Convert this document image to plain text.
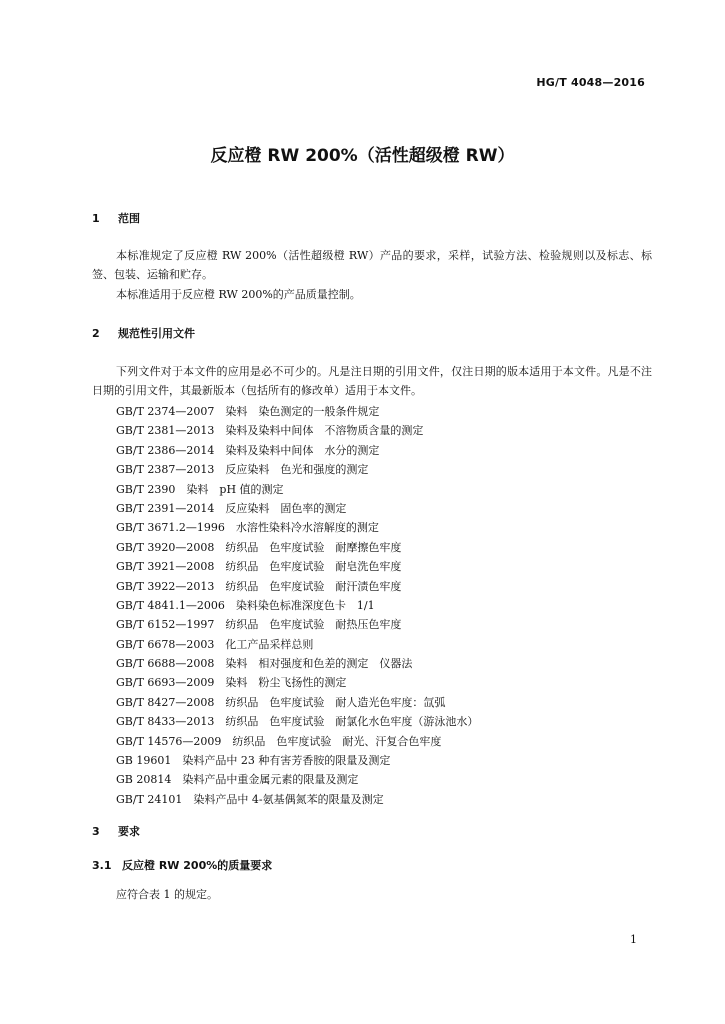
HG/T 4048—2016
反应橙 RW 200%（活性超级橙 RW）
1 范围
本标准规定了反应橙 RW 200%（活性超级橙 RW）产品的要求，采样，试验方法、检验规则以及标志、标签、包装、运输和贮存。
本标准适用于反应橙 RW 200%的产品质量控制。
2 规范性引用文件
下列文件对于本文件的应用是必不可少的。凡是注日期的引用文件，仅注日期的版本适用于本文件。凡是不注日期的引用文件，其最新版本（包括所有的修改单）适用于本文件。
GB/T 2374—2007　染料　染色测定的一般条件规定
GB/T 2381—2013　染料及染料中间体　不溶物质含量的测定
GB/T 2386—2014　染料及染料中间体　水分的测定
GB/T 2387—2013　反应染料　色光和强度的测定
GB/T 2390　染料　pH 值的测定
GB/T 2391—2014　反应染料　固色率的测定
GB/T 3671.2—1996　水溶性染料冷水溶解度的测定
GB/T 3920—2008　纺织品　色牢度试验　耐摩擦色牢度
GB/T 3921—2008　纺织品　色牢度试验　耐皂洗色牢度
GB/T 3922—2013　纺织品　色牢度试验　耐汗渍色牢度
GB/T 4841.1—2006　染料染色标准深度色卡　1/1
GB/T 6152—1997　纺织品　色牢度试验　耐热压色牢度
GB/T 6678—2003　化工产品采样总则
GB/T 6688—2008　染料　相对强度和色差的测定　仪器法
GB/T 6693—2009　染料　粉尘飞扬性的测定
GB/T 8427—2008　纺织品　色牢度试验　耐人造光色牢度：氙弧
GB/T 8433—2013　纺织品　色牢度试验　耐氯化水色牢度（游泳池水）
GB/T 14576—2009　纺织品　色牢度试验　耐光、汗复合色牢度
GB 19601　染料产品中 23 种有害芳香胺的限量及测定
GB 20814　染料产品中重金属元素的限量及测定
GB/T 24101　染料产品中 4-氨基偶氮苯的限量及测定
3 要求
3.1 反应橙 RW 200%的质量要求
应符合表 1 的规定。
1
